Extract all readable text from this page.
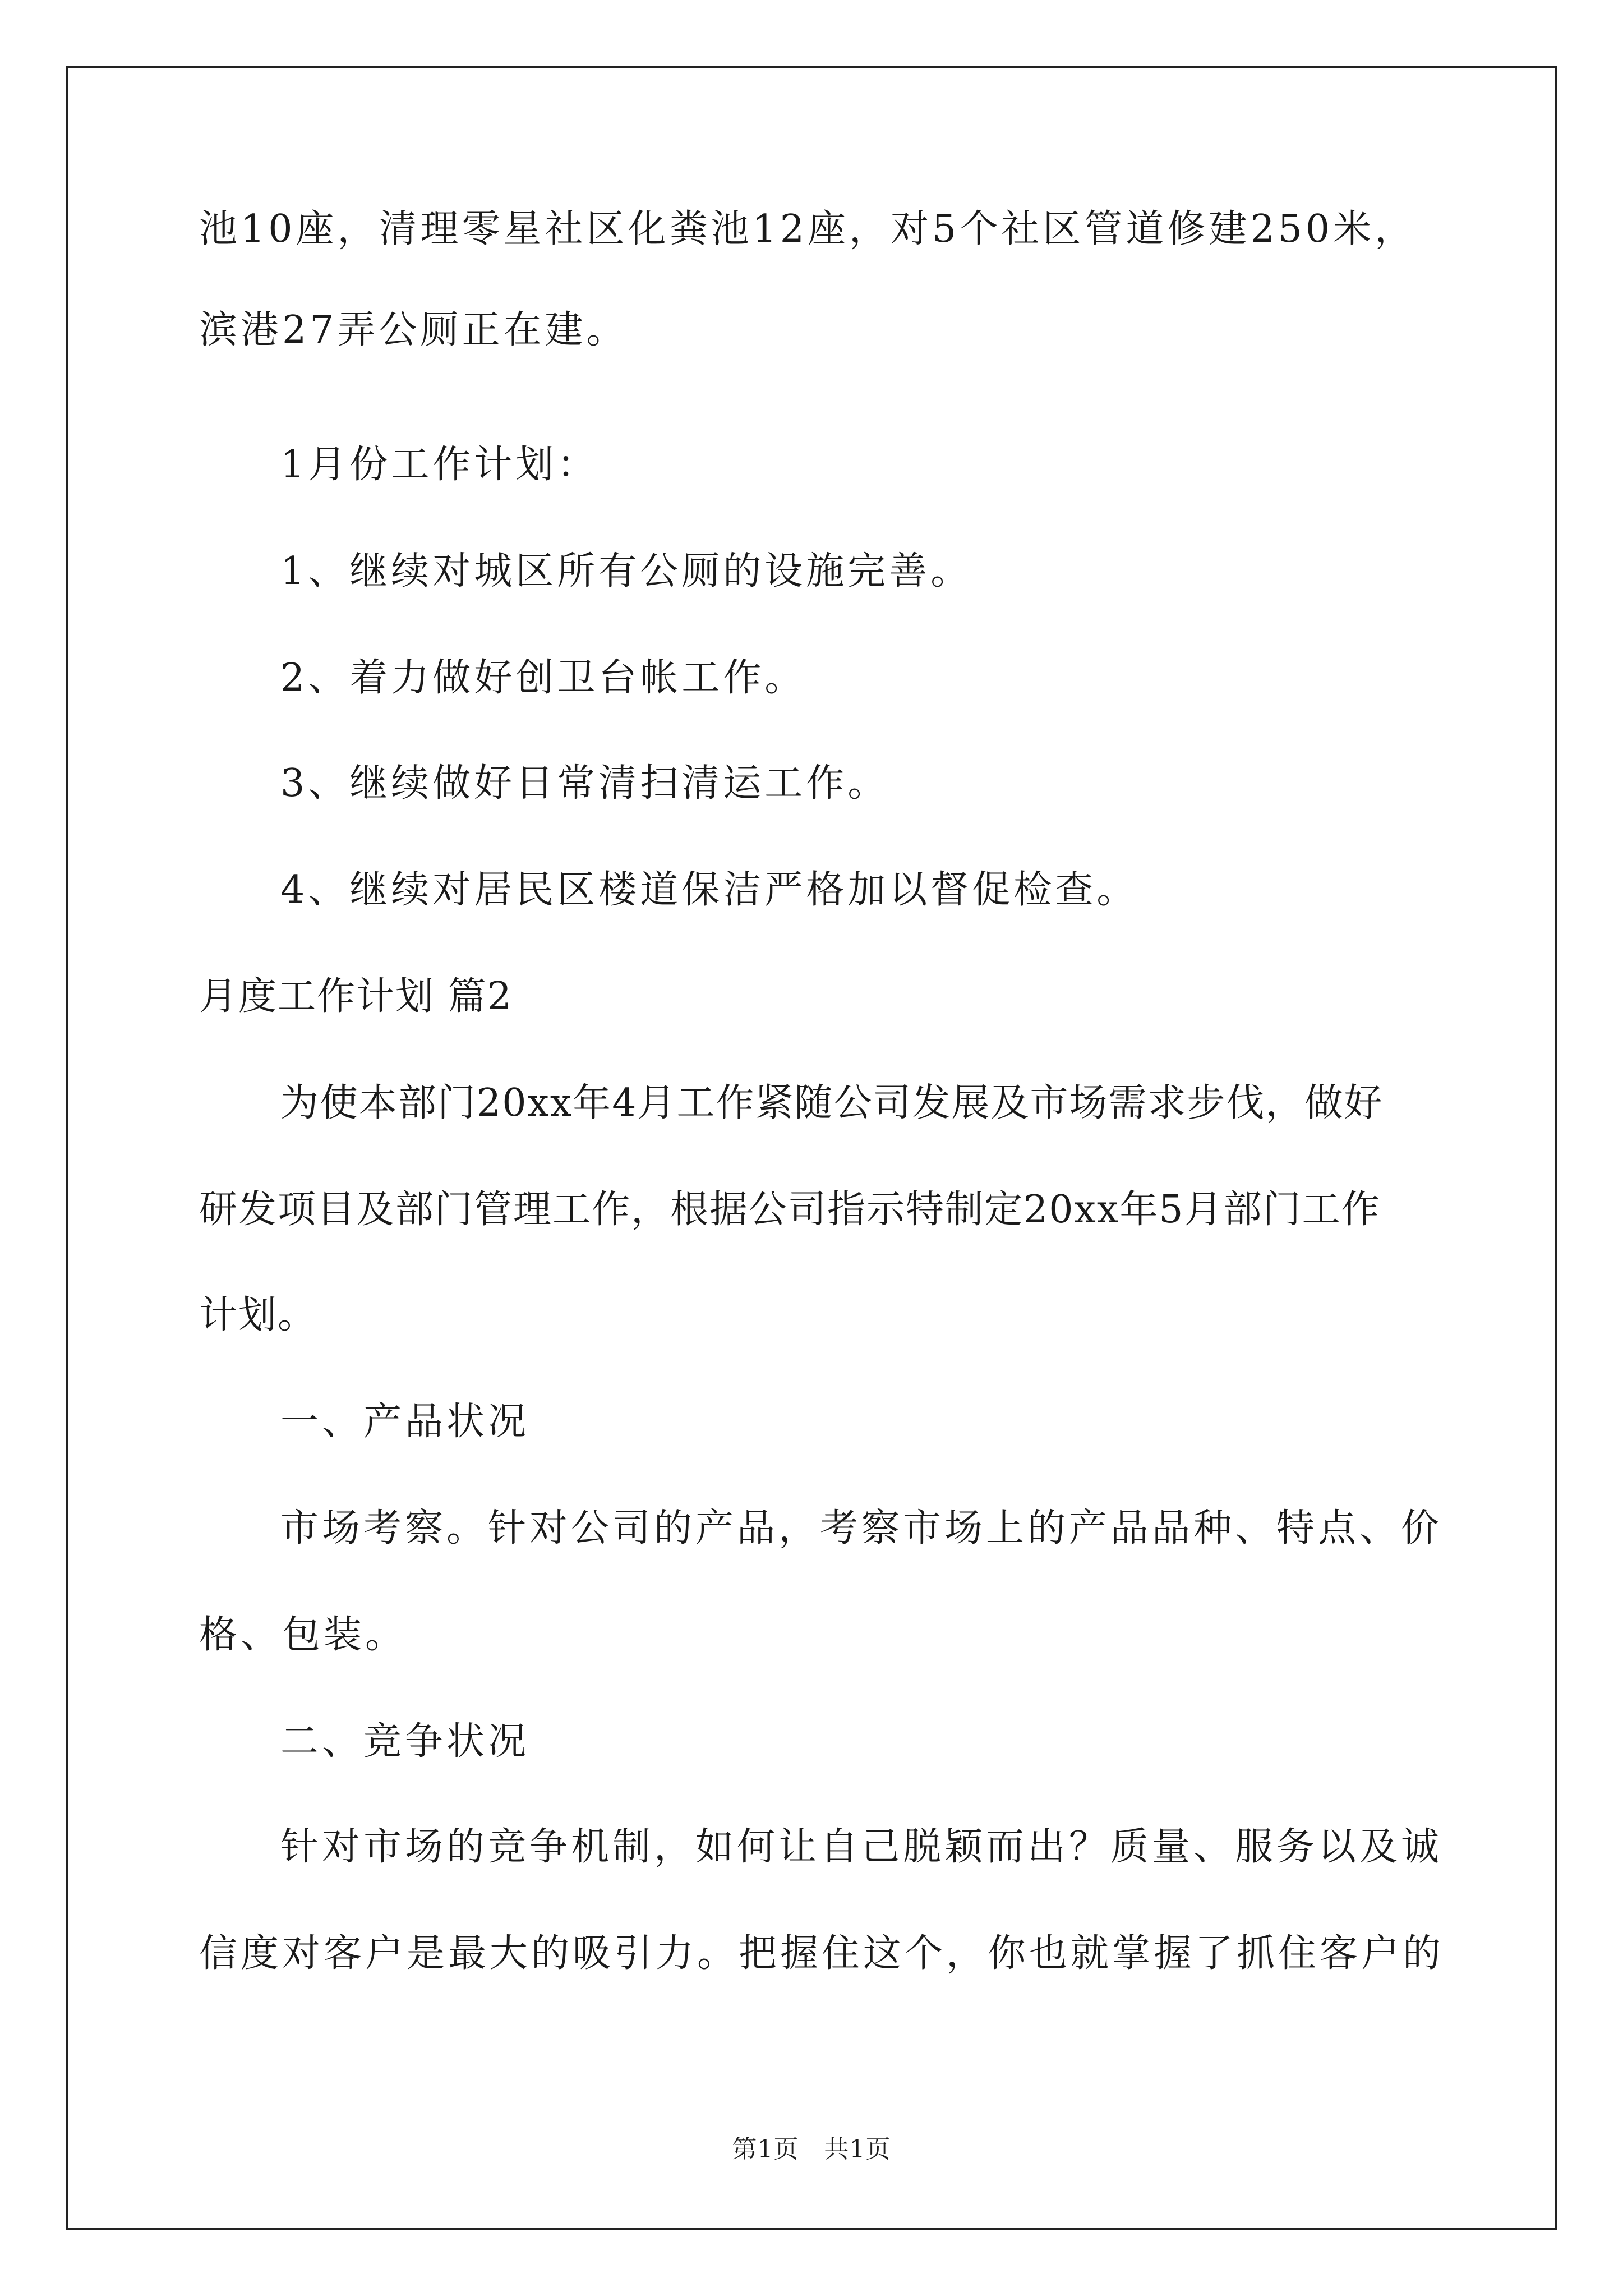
池10座，清理零星社区化粪池12座，对5个社区管道修建250米，
滨港27弄公厕正在建。
1月份工作计划：
1、继续对城区所有公厕的设施完善。
2、着力做好创卫台帐工作。
3、继续做好日常清扫清运工作。
4、继续对居民区楼道保洁严格加以督促检查。
月度工作计划 篇2
为使本部门20xx年4月工作紧随公司发展及市场需求步伐，做好
研发项目及部门管理工作，根据公司指示特制定20xx年5月部门工作
计划。
一、产品状况
市场考察。针对公司的产品，考察市场上的产品品种、特点、价
格、包装。
二、竞争状况
针对市场的竞争机制，如何让自己脱颖而出？质量、服务以及诚
信度对客户是最大的吸引力。把握住这个，你也就掌握了抓住客户的
第1页　共1页
